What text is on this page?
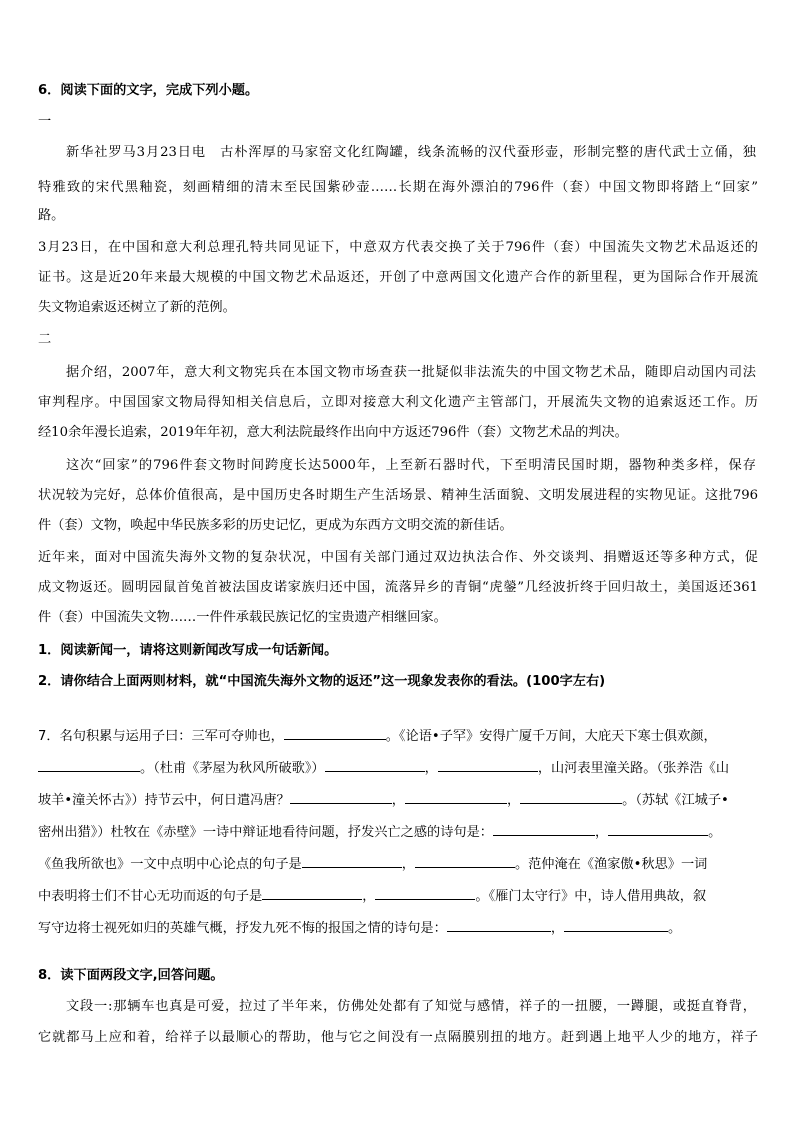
6．阅读下面的文字，完成下列小题。
一
新华社罗马3月23日电　古朴浑厚的马家窑文化红陶罐，线条流畅的汉代蚕形壶，形制完整的唐代武士立俑，独
特雅致的宋代黑釉瓷，刻画精细的清末至民国紫砂壶……长期在海外漂泊的796件（套）中国文物即将踏上“回家”
路。
3月23日，在中国和意大利总理孔特共同见证下，中意双方代表交换了关于796件（套）中国流失文物艺术品返还的
证书。这是近20年来最大规模的中国文物艺术品返还，开创了中意两国文化遗产合作的新里程，更为国际合作开展流
失文物追索返还树立了新的范例。
二
据介绍，2007年，意大利文物宪兵在本国文物市场查获一批疑似非法流失的中国文物艺术品，随即启动国内司法
审判程序。中国国家文物局得知相关信息后，立即对接意大利文化遗产主管部门，开展流失文物的追索返还工作。历
经10余年漫长追索，2019年年初，意大利法院最终作出向中方返还796件（套）文物艺术品的判决。
这次“回家”的796件套文物时间跨度长达5000年，上至新石器时代，下至明清民国时期，器物种类多样，保存
状况较为完好，总体价值很高，是中国历史各时期生产生活场景、精神生活面貌、文明发展进程的实物见证。这批796
件（套）文物，唤起中华民族多彩的历史记忆，更成为东西方文明交流的新佳话。
近年来，面对中国流失海外文物的复杂状况，中国有关部门通过双边执法合作、外交谈判、捐赠返还等多种方式，促
成文物返还。圆明园鼠首兔首被法国皮诺家族归还中国，流落异乡的青铜“虎鎣”几经波折终于回归故土，美国返还361
件（套）中国流失文物……一件件承载民族记忆的宝贵遗产相继回家。
1．阅读新闻一，请将这则新闻改写成一句话新闻。
2．请你结合上面两则材料，就“中国流失海外文物的返还”这一现象发表你的看法。(100字左右)
7．名句积累与运用子曰：三军可夺帅也，	。《论语•子罕》安得广厦千万间，大庇天下寒士俱欢颜，
。（杜甫《茅屋为秋风所破歌》）	，	，山河表里潼关路。（张养浩《山
坡羊•潼关怀古》）持节云中，何日遣冯唐？	，	，	。（苏轼《江城子•
密州出猎》）杜牧在《赤壁》一诗中辩证地看待问题，抒发兴亡之感的诗句是：	，	。
《鱼我所欲也》一文中点明中心论点的句子是	，	。范仲淹在《渔家傲•秋思》一词
中表明将士们不甘心无功而返的句子是	，	。《雁门太守行》中，诗人借用典故，叙
写守边将士视死如归的英雄气概，抒发九死不悔的报国之情的诗句是：	，	。
8．读下面两段文字,回答问题。
文段一:那辆车也真是可爱，拉过了半年来，仿佛处处都有了知觉与感情，祥子的一扭腰，一蹲腿，或挺直脊背，
它就都马上应和着，给祥子以最顺心的帮助，他与它之间没有一点隔膜别扭的地方。赶到遇上地平人少的地方，祥子
